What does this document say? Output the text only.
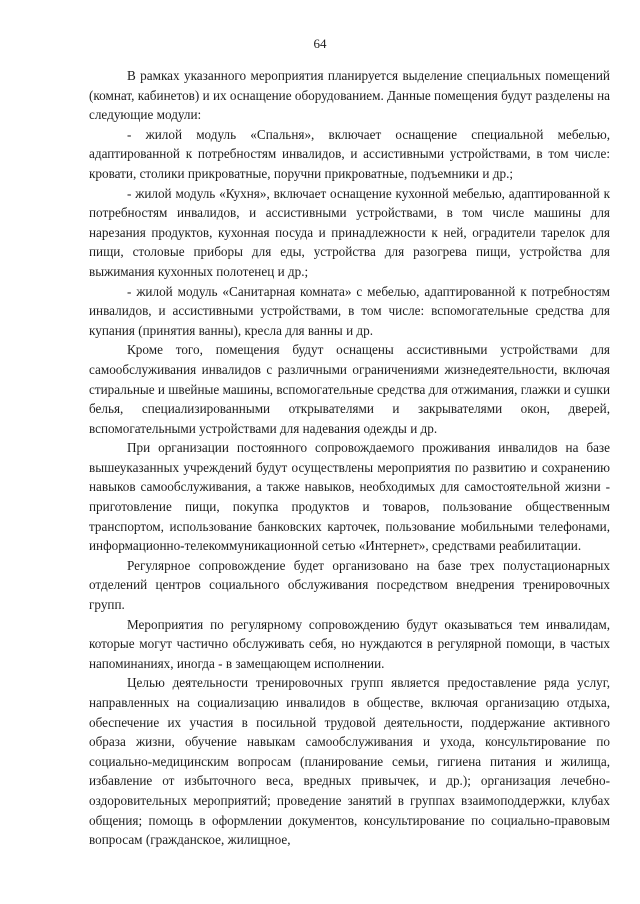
64

В рамках указанного мероприятия планируется выделение специальных помещений (комнат, кабинетов) и их оснащение оборудованием. Данные помещения будут разделены на следующие модули:

- жилой модуль «Спальня», включает оснащение специальной мебелью, адаптированной к потребностям инвалидов, и ассистивными устройствами, в том числе: кровати, столики прикроватные, поручни прикроватные, подъемники и др.;

- жилой модуль «Кухня», включает оснащение кухонной мебелью, адаптированной к потребностям инвалидов, и ассистивными устройствами, в том числе машины для нарезания продуктов, кухонная посуда и принадлежности к ней, оградители тарелок для пищи, столовые приборы для еды, устройства для разогрева пищи, устройства для выжимания кухонных полотенец и др.;

- жилой модуль «Санитарная комната» с мебелью, адаптированной к потребностям инвалидов, и ассистивными устройствами, в том числе: вспомогательные средства для купания (принятия ванны), кресла для ванны и др.

Кроме того, помещения будут оснащены ассистивными устройствами для самообслуживания инвалидов с различными ограничениями жизнедеятельности, включая стиральные и швейные машины, вспомогательные средства для отжимания, глажки и сушки белья, специализированными открывателями и закрывателями окон, дверей, вспомогательными устройствами для надевания одежды и др.

При организации постоянного сопровождаемого проживания инвалидов на базе вышеуказанных учреждений будут осуществлены мероприятия по развитию и сохранению навыков самообслуживания, а также навыков, необходимых для самостоятельной жизни - приготовление пищи, покупка продуктов и товаров, пользование общественным транспортом, использование банковских карточек, пользование мобильными телефонами, информационно-телекоммуникационной сетью «Интернет», средствами реабилитации.

Регулярное сопровождение будет организовано на базе трех полустационарных отделений центров социального обслуживания посредством внедрения тренировочных групп.

Мероприятия по регулярному сопровождению будут оказываться тем инвалидам, которые могут частично обслуживать себя, но нуждаются в регулярной помощи, в частых напоминаниях, иногда - в замещающем исполнении.

Целью деятельности тренировочных групп является предоставление ряда услуг, направленных на социализацию инвалидов в обществе, включая организацию отдыха, обеспечение их участия в посильной трудовой деятельности, поддержание активного образа жизни, обучение навыкам самообслуживания и ухода, консультирование по социально-медицинским вопросам (планирование семьи, гигиена питания и жилища, избавление от избыточного веса, вредных привычек, и др.); организация лечебно-оздоровительных мероприятий; проведение занятий в группах взаимоподдержки, клубах общения; помощь в оформлении документов, консультирование по социально-правовым вопросам (гражданское, жилищное,
